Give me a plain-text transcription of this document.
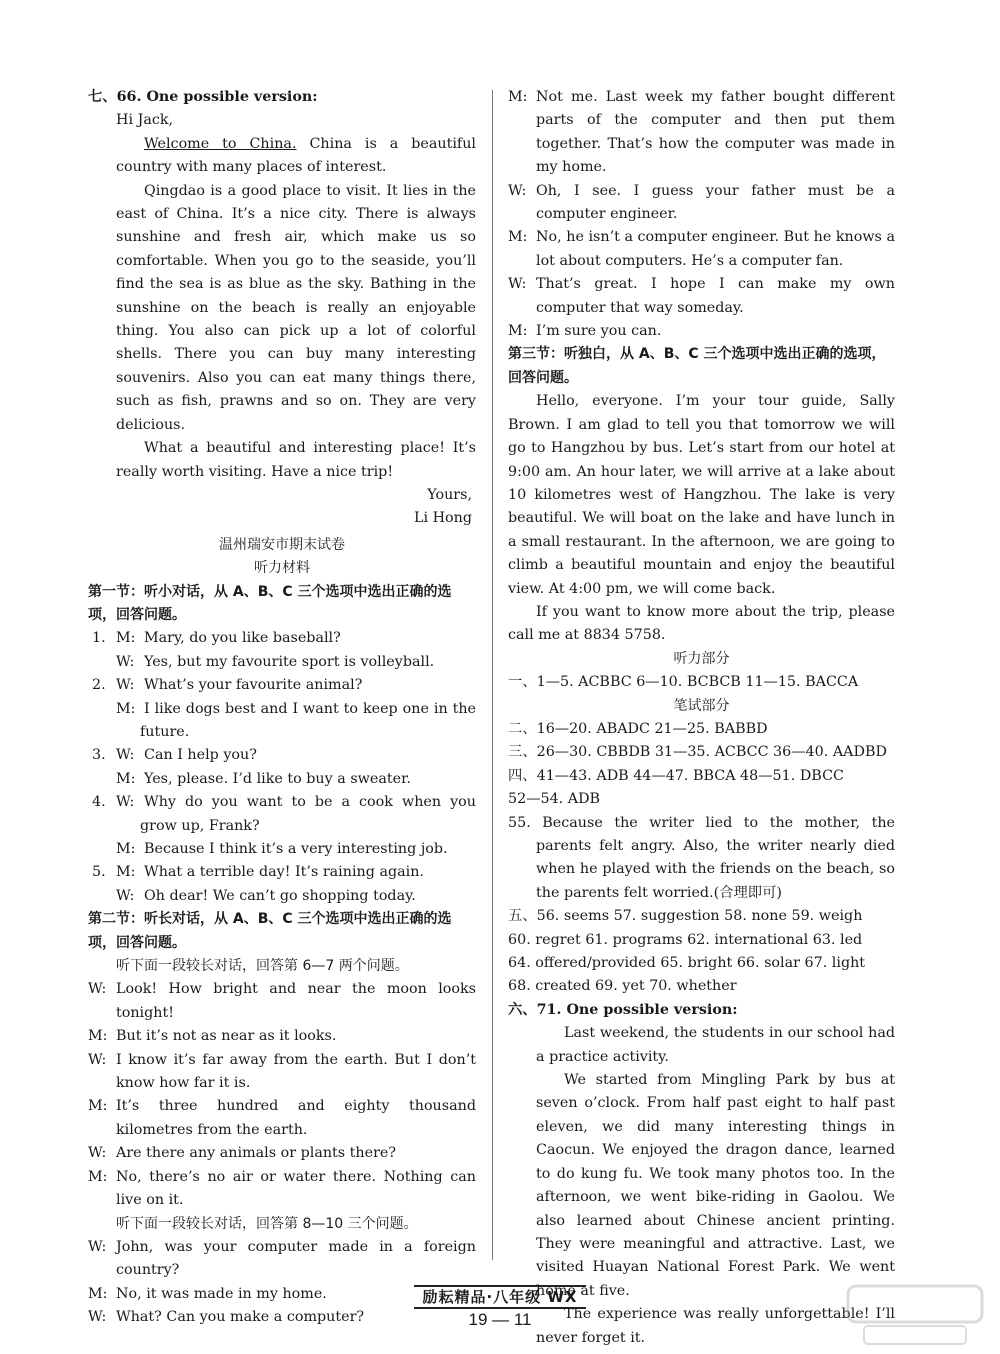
七、66. One possible version:

Hi Jack,

Welcome to China. China is a beautiful country with many places of interest.

Qingdao is a good place to visit. It lies in the east of China. It’s a nice city. There is always sunshine and fresh air, which make us so comfortable. When you go to the seaside, you’ll find the sea is as blue as the sky. Bathing in the sunshine on the beach is really an enjoyable thing. You also can pick up a lot of colorful shells. There you can buy many interesting souvenirs. Also you can eat many things there, such as fish, prawns and so on. They are very delicious.

What a beautiful and interesting place! It’s really worth visiting. Have a nice trip!

Yours,

Li Hong

温州瑞安市期末试卷

听力材料

第一节：听小对话，从 A、B、C 三个选项中选出正确的选项，回答问题。

1. M: Mary, do you like baseball?

W: Yes, but my favourite sport is volleyball.

2. W: What’s your favourite animal?

M: I like dogs best and I want to keep one in the future.

3. W: Can I help you?

M: Yes, please. I’d like to buy a sweater.

4. W: Why do you want to be a cook when you grow up, Frank?

M: Because I think it’s a very interesting job.

5. M: What a terrible day! It’s raining again.

W: Oh dear! We can’t go shopping today.

第二节：听长对话，从 A、B、C 三个选项中选出正确的选项，回答问题。

听下面一段较长对话，回答第 6—7 两个问题。

W: Look! How bright and near the moon looks tonight!

M: But it’s not as near as it looks.

W: I know it’s far away from the earth. But I don’t know how far it is.

M: It’s three hundred and eighty thousand kilometres from the earth.

W: Are there any animals or plants there?

M: No, there’s no air or water there. Nothing can live on it.

听下面一段较长对话，回答第 8—10 三个问题。

W: John, was your computer made in a foreign country?

M: No, it was made in my home.

W: What? Can you make a computer?

M: Not me. Last week my father bought different parts of the computer and then put them together. That’s how the computer was made in my home.

W: Oh, I see. I guess your father must be a computer engineer.

M: No, he isn’t a computer engineer. But he knows a lot about computers. He’s a computer fan.

W: That’s great. I hope I can make my own computer that way someday.

M: I’m sure you can.

第三节：听独白，从 A、B、C 三个选项中选出正确的选项，回答问题。

Hello, everyone. I’m your tour guide, Sally Brown. I am glad to tell you that tomorrow we will go to Hangzhou by bus. Let’s start from our hotel at 9:00 am. An hour later, we will arrive at a lake about 10 kilometres west of Hangzhou. The lake is very beautiful. We will boat on the lake and have lunch in a small restaurant. In the afternoon, we are going to climb a beautiful mountain and enjoy the beautiful view. At 4:00 pm, we will come back.

If you want to know more about the trip, please call me at 8834 5758.

听力部分

一、1—5. ACBBC 6—10. BCBCB 11—15. BACCA

笔试部分

二、16—20. ABADC 21—25. BABBD

三、26—30. CBBDB 31—35. ACBCC 36—40. AADBD

四、41—43. ADB 44—47. BBCA 48—51. DBCC

52—54. ADB

55. Because the writer lied to the mother, the parents felt angry. Also, the writer nearly died when he played with the friends on the beach, so the parents felt worried.(合理即可)

五、56. seems 57. suggestion 58. none 59. weigh

60. regret 61. programs 62. international 63. led

64. offered/provided 65. bright 66. solar 67. light

68. created 69. yet 70. whether

六、71. One possible version:

Last weekend, the students in our school had a practice activity.

We started from Mingling Park by bus at seven o’clock. From half past eight to half past eleven, we did many interesting things in Caocun. We enjoyed the dragon dance, learned to do kung fu. We took many photos too. In the afternoon, we went bike-riding in Gaolou. We also learned about Chinese ancient printing. They were meaningful and attractive. Last, we visited Huayan National Forest Park. We went home at five.

The experience was really unforgettable! I’ll never forget it.

励耘精品·八年级 WX
19 — 11
